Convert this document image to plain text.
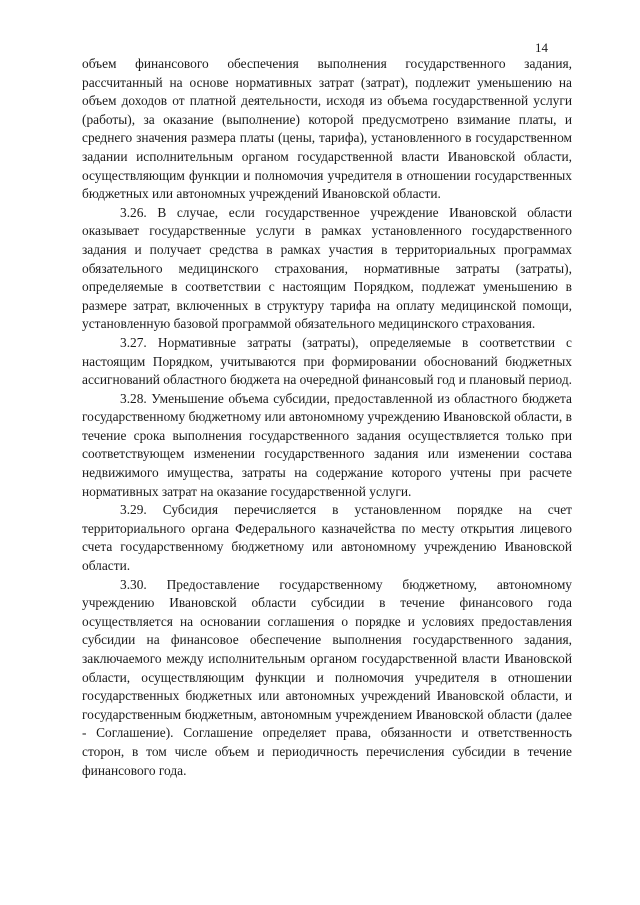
14

объем финансового обеспечения выполнения государственного задания, рассчитанный на основе нормативных затрат (затрат), подлежит уменьшению на объем доходов от платной деятельности, исходя из объема государственной услуги (работы), за оказание (выполнение) которой предусмотрено взимание платы, и среднего значения размера платы (цены, тарифа), установленного в государственном задании исполнительным органом государственной власти Ивановской области, осуществляющим функции и полномочия учредителя в отношении государственных бюджетных или автономных учреждений Ивановской области.

3.26. В случае, если государственное учреждение Ивановской области оказывает государственные услуги в рамках установленного государственного задания и получает средства в рамках участия в территориальных программах обязательного медицинского страхования, нормативные затраты (затраты), определяемые в соответствии с настоящим Порядком, подлежат уменьшению в размере затрат, включенных в структуру тарифа на оплату медицинской помощи, установленную базовой программой обязательного медицинского страхования.

3.27. Нормативные затраты (затраты), определяемые в соответствии с настоящим Порядком, учитываются при формировании обоснований бюджетных ассигнований областного бюджета на очередной финансовый год и плановый период.

3.28. Уменьшение объема субсидии, предоставленной из областного бюджета государственному бюджетному или автономному учреждению Ивановской области, в течение срока выполнения государственного задания осуществляется только при соответствующем изменении государственного задания или изменении состава недвижимого имущества, затраты на содержание которого учтены при расчете нормативных затрат на оказание государственной услуги.

3.29. Субсидия перечисляется в установленном порядке на счет территориального органа Федерального казначейства по месту открытия лицевого счета государственному бюджетному или автономному учреждению Ивановской области.

3.30. Предоставление государственному бюджетному, автономному учреждению Ивановской области субсидии в течение финансового года осуществляется на основании соглашения о порядке и условиях предоставления субсидии на финансовое обеспечение выполнения государственного задания, заключаемого между исполнительным органом государственной власти Ивановской области, осуществляющим функции и полномочия учредителя в отношении государственных бюджетных или автономных учреждений Ивановской области, и государственным бюджетным, автономным учреждением Ивановской области (далее - Соглашение). Соглашение определяет права, обязанности и ответственность сторон, в том числе объем и периодичность перечисления субсидии в течение финансового года.
